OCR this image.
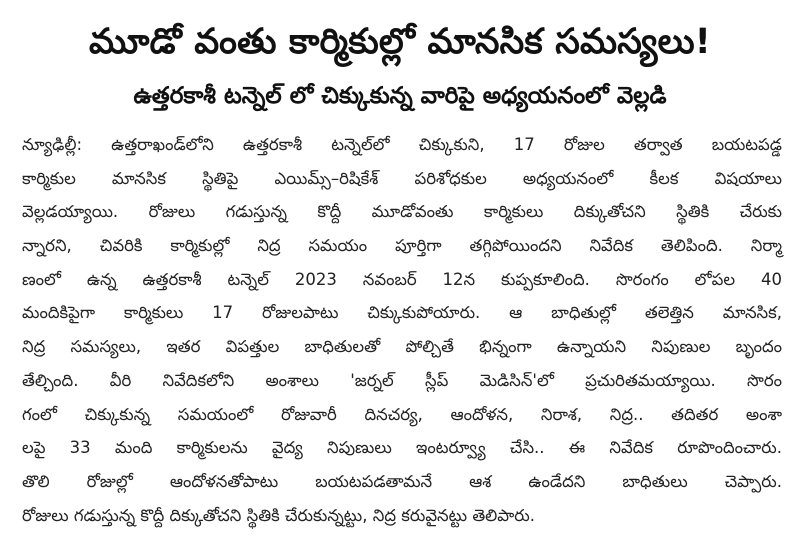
మూడో వంతు కార్మికుల్లో మానసిక సమస్యలు!
ఉత్తరకాశీ టన్నెల్ లో చిక్కుకున్న వారిపై అధ్యయనంలో వెల్లడి
న్యూఢిల్లీ: ఉత్తరాఖండ్‌లోని ఉత్తరకాశీ టన్నెల్‌లో చిక్కుకుని, 17 రోజుల తర్వాత బయటపడ్డ
కార్మికుల మానసిక స్థితిపై ఎయిమ్స్–రిషికేశ్ పరిశోధకుల అధ్యయనంలో కీలక విషయాలు
వెల్లడయ్యాయి. రోజులు గడుస్తున్న కొద్దీ మూడోవంతు కార్మికులు దిక్కుతోచని స్థితికి చేరుకు
న్నారని, చివరికి కార్మికుల్లో నిద్ర సమయం పూర్తిగా తగ్గిపోయిందని నివేదిక తెలిపింది. నిర్మా
ణంలో ఉన్న ఉత్తరకాశీ టన్నెల్ 2023 నవంబర్ 12న కుప్పకూలింది. సొరంగం లోపల 40
మందికిపైగా కార్మికులు 17 రోజులపాటు చిక్కుకుపోయారు. ఆ బాధితుల్లో తలెత్తిన మానసిక,
నిద్ర సమస్యలు, ఇతర విపత్తుల బాధితులతో పోల్చితే భిన్నంగా ఉన్నాయని నిపుణుల బృందం
తేల్చింది. వీరి నివేదికలోని అంశాలు 'జర్నల్ స్లీప్ మెడిసిన్'లో ప్రచురితమయ్యాయి. సొరం
గంలో చిక్కుకున్న సమయంలో రోజువారీ దినచర్య, ఆందోళన, నిరాశ, నిద్ర.. తదితర అంశా
లపై 33 మంది కార్మికులను వైద్య నిపుణులు ఇంటర్వ్యూ చేసి.. ఈ నివేదిక రూపొందించారు.
తొలి రోజుల్లో ఆందోళనతోపాటు బయటపడతామనే ఆశ ఉండేదని బాధితులు చెప్పారు.
రోజులు గడుస్తున్న కొద్దీ దిక్కుతోచని స్థితికి చేరుకున్నట్టు, నిద్ర కరువైనట్టు తెలిపారు.
